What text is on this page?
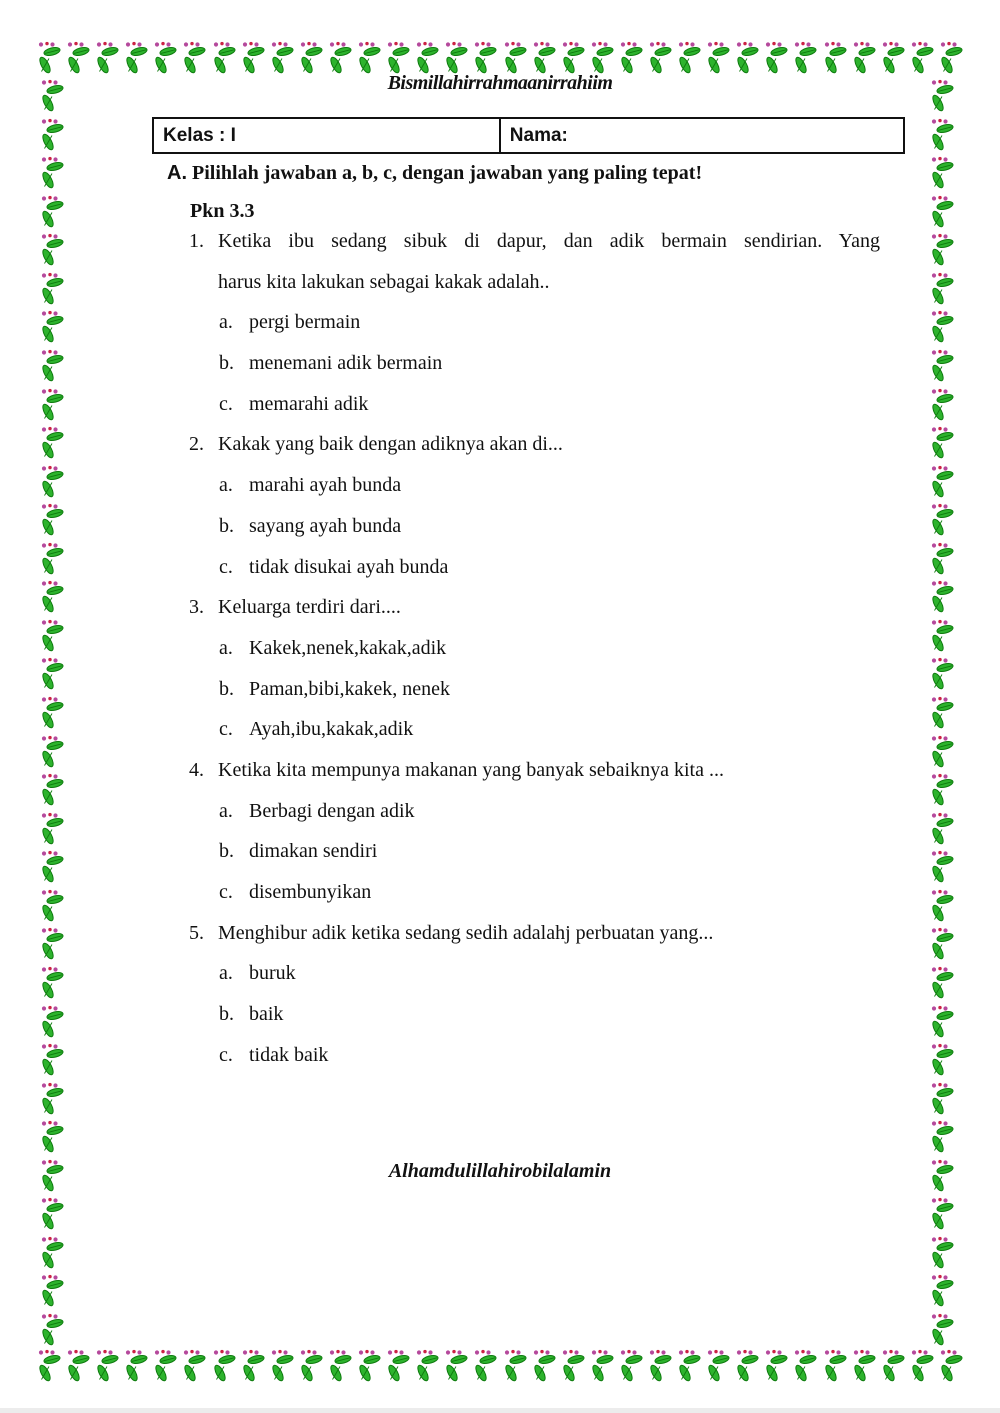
Bismillahirrahmaanirrahiim
Kelas : I	Nama:
A. Pilihlah jawaban a, b, c, dengan jawaban yang paling tepat!
Pkn 3.3
1. Ketika ibu sedang sibuk di dapur, dan adik bermain sendirian. Yang
harus kita lakukan sebagai kakak adalah..
a. pergi bermain
b. menemani adik bermain
c. memarahi adik
2. Kakak yang baik dengan adiknya akan di...
a. marahi ayah bunda
b. sayang ayah bunda
c. tidak disukai ayah bunda
3. Keluarga terdiri dari....
a. Kakek,nenek,kakak,adik
b. Paman,bibi,kakek, nenek
c. Ayah,ibu,kakak,adik
4. Ketika kita mempunya makanan yang banyak sebaiknya kita ...
a. Berbagi dengan adik
b. dimakan sendiri
c. disembunyikan
5. Menghibur adik ketika sedang sedih adalahj perbuatan yang...
a. buruk
b. baik
c. tidak baik
Alhamdulillahirobilalamin
